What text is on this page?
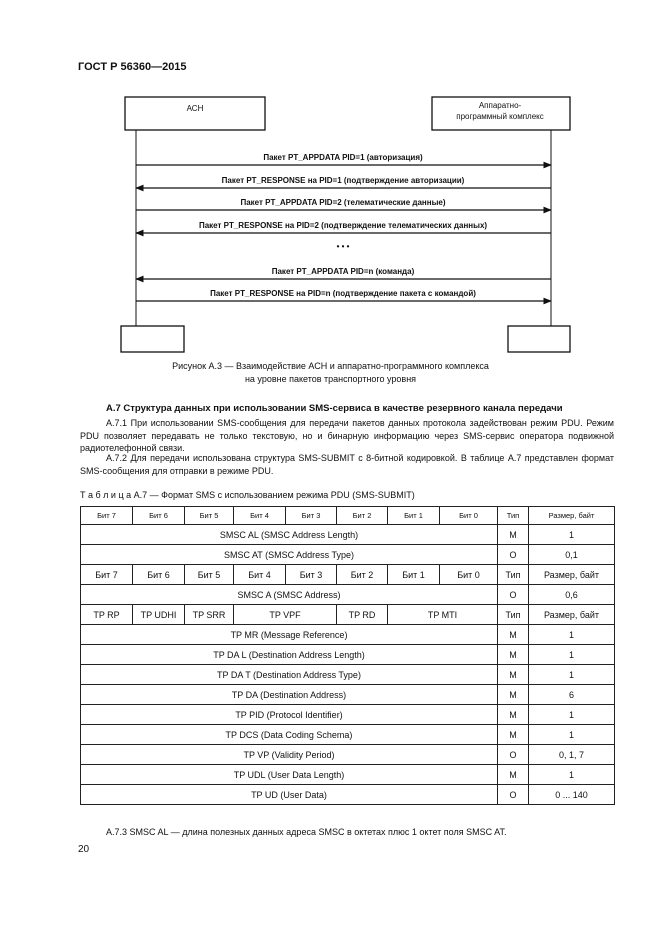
ГОСТ Р 56360—2015
АСН	Аппаратно-
программный комплекс
Пакет PT_APPDATA PID=1 (авторизация)
Пакет PT_RESPONSE на PID=1 (подтверждение авторизации)
Пакет PT_APPDATA PID=2 (телематические данные)
Пакет PT_RESPONSE на PID=2 (подтверждение телематических данных)
Пакет PT_APPDATA PID=n (команда)
Пакет PT_RESPONSE на PID=n (подтверждение пакета с командой)
• • •
Рисунок А.3 — Взаимодействие АСН и аппаратно-программного комплекса
на уровне пакетов транспортного уровня
А.7 Структура данных при использовании SMS-сервиса в качестве резервного канала передачи

А.7.1 При использовании SMS-сообщения для передачи пакетов данных протокола задействован режим PDU. Режим PDU позволяет передавать не только текстовую, но и бинарную информацию через SMS-сервис оператора подвижной радиотелефонной связи.

А.7.2 Для передачи использована структура SMS-SUBMIT с 8-битной кодировкой. В таблице А.7 представлен формат SMS-сообщения для отправки в режиме PDU.

Т а б л и ц а А.7 — Формат SMS с использованием режима PDU (SMS-SUBMIT)
Бит 7	Бит 6	Бит 5	Бит 4	Бит 3	Бит 2	Бит 1	Бит 0	Тип	Размер, байт
SMSC AL (SMSC Address Length)								M	1
SMSC AT (SMSC Address Type)								O	0,1
Бит 7	Бит 6	Бит 5	Бит 4	Бит 3	Бит 2	Бит 1	Бит 0	Тип	Размер, байт
SMSC A (SMSC Address)								O	0,6
TP RP	TP UDHI	TP SRR	TP VPF		TP RD	TP MTI		Тип	Размер, байт
TP MR (Message Reference)								M	1
TP DA L (Destination Address Length)								M	1
TP DA T (Destination Address Type)								M	1
TP DA (Destination Address)								M	6
TP PID (Protocol Identifier)								M	1
TP DCS (Data Coding Schema)								M	1
TP VP (Validity Period)								O	0, 1, 7
TP UDL (User Data Length)								M	1
TP UD (User Data)								O	0 ... 140
А.7.3 SMSC AL — длина полезных данных адреса SMSC в октетах плюс 1 октет поля SMSC AT.
20
